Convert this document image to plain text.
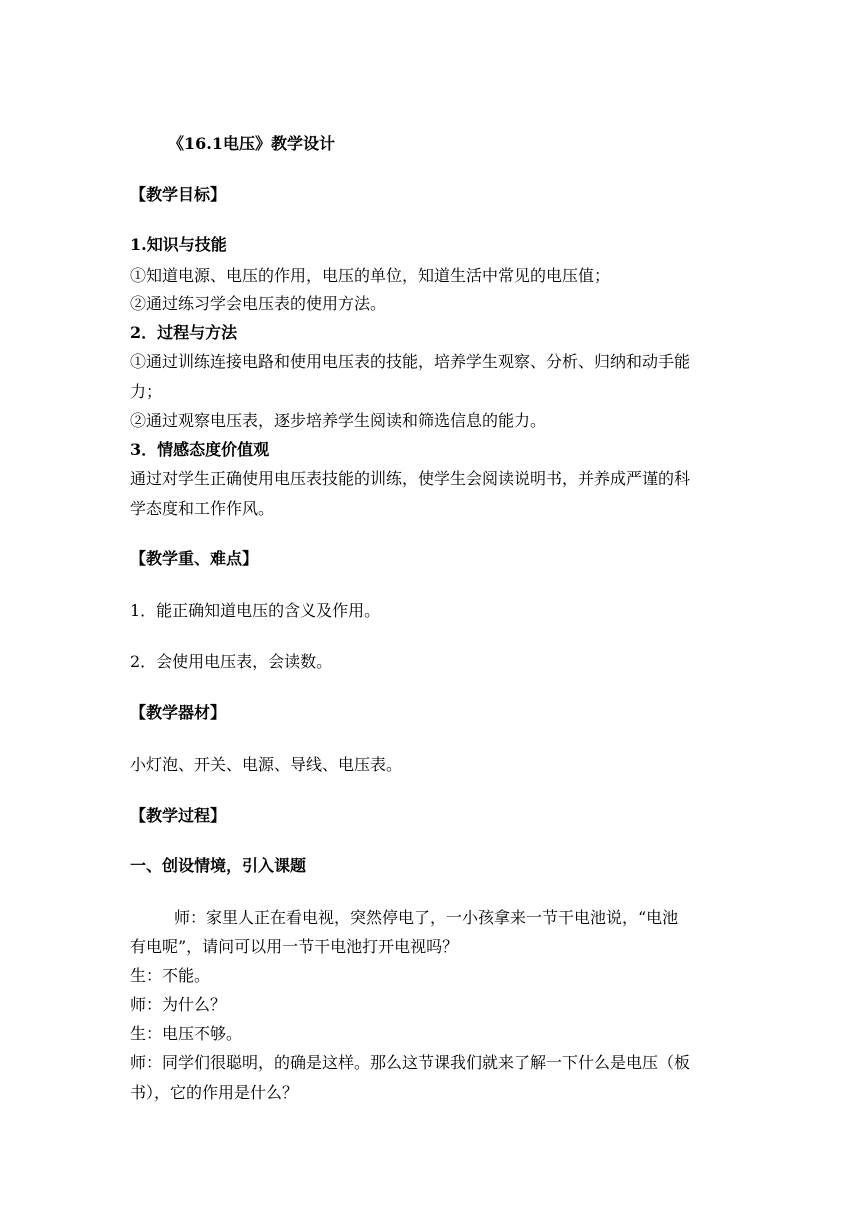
《16.1电压》教学设计
【教学目标】
1.知识与技能
①知道电源、电压的作用，电压的单位，知道生活中常见的电压值；
②通过练习学会电压表的使用方法。
2．过程与方法
①通过训练连接电路和使用电压表的技能，培养学生观察、分析、归纳和动手能
力；
②通过观察电压表，逐步培养学生阅读和筛选信息的能力。
3．情感态度价值观
通过对学生正确使用电压表技能的训练，使学生会阅读说明书，并养成严谨的科
学态度和工作作风。
【教学重、难点】
1．能正确知道电压的含义及作用。
2．会使用电压表，会读数。
【教学器材】
小灯泡、开关、电源、导线、电压表。
【教学过程】
一、创设情境，引入课题
师：家里人正在看电视，突然停电了，一小孩拿来一节干电池说，“电池
有电呢”，请问可以用一节干电池打开电视吗？
生：不能。
师：为什么？
生：电压不够。
师：同学们很聪明，的确是这样。那么这节课我们就来了解一下什么是电压（板
书），它的作用是什么？
